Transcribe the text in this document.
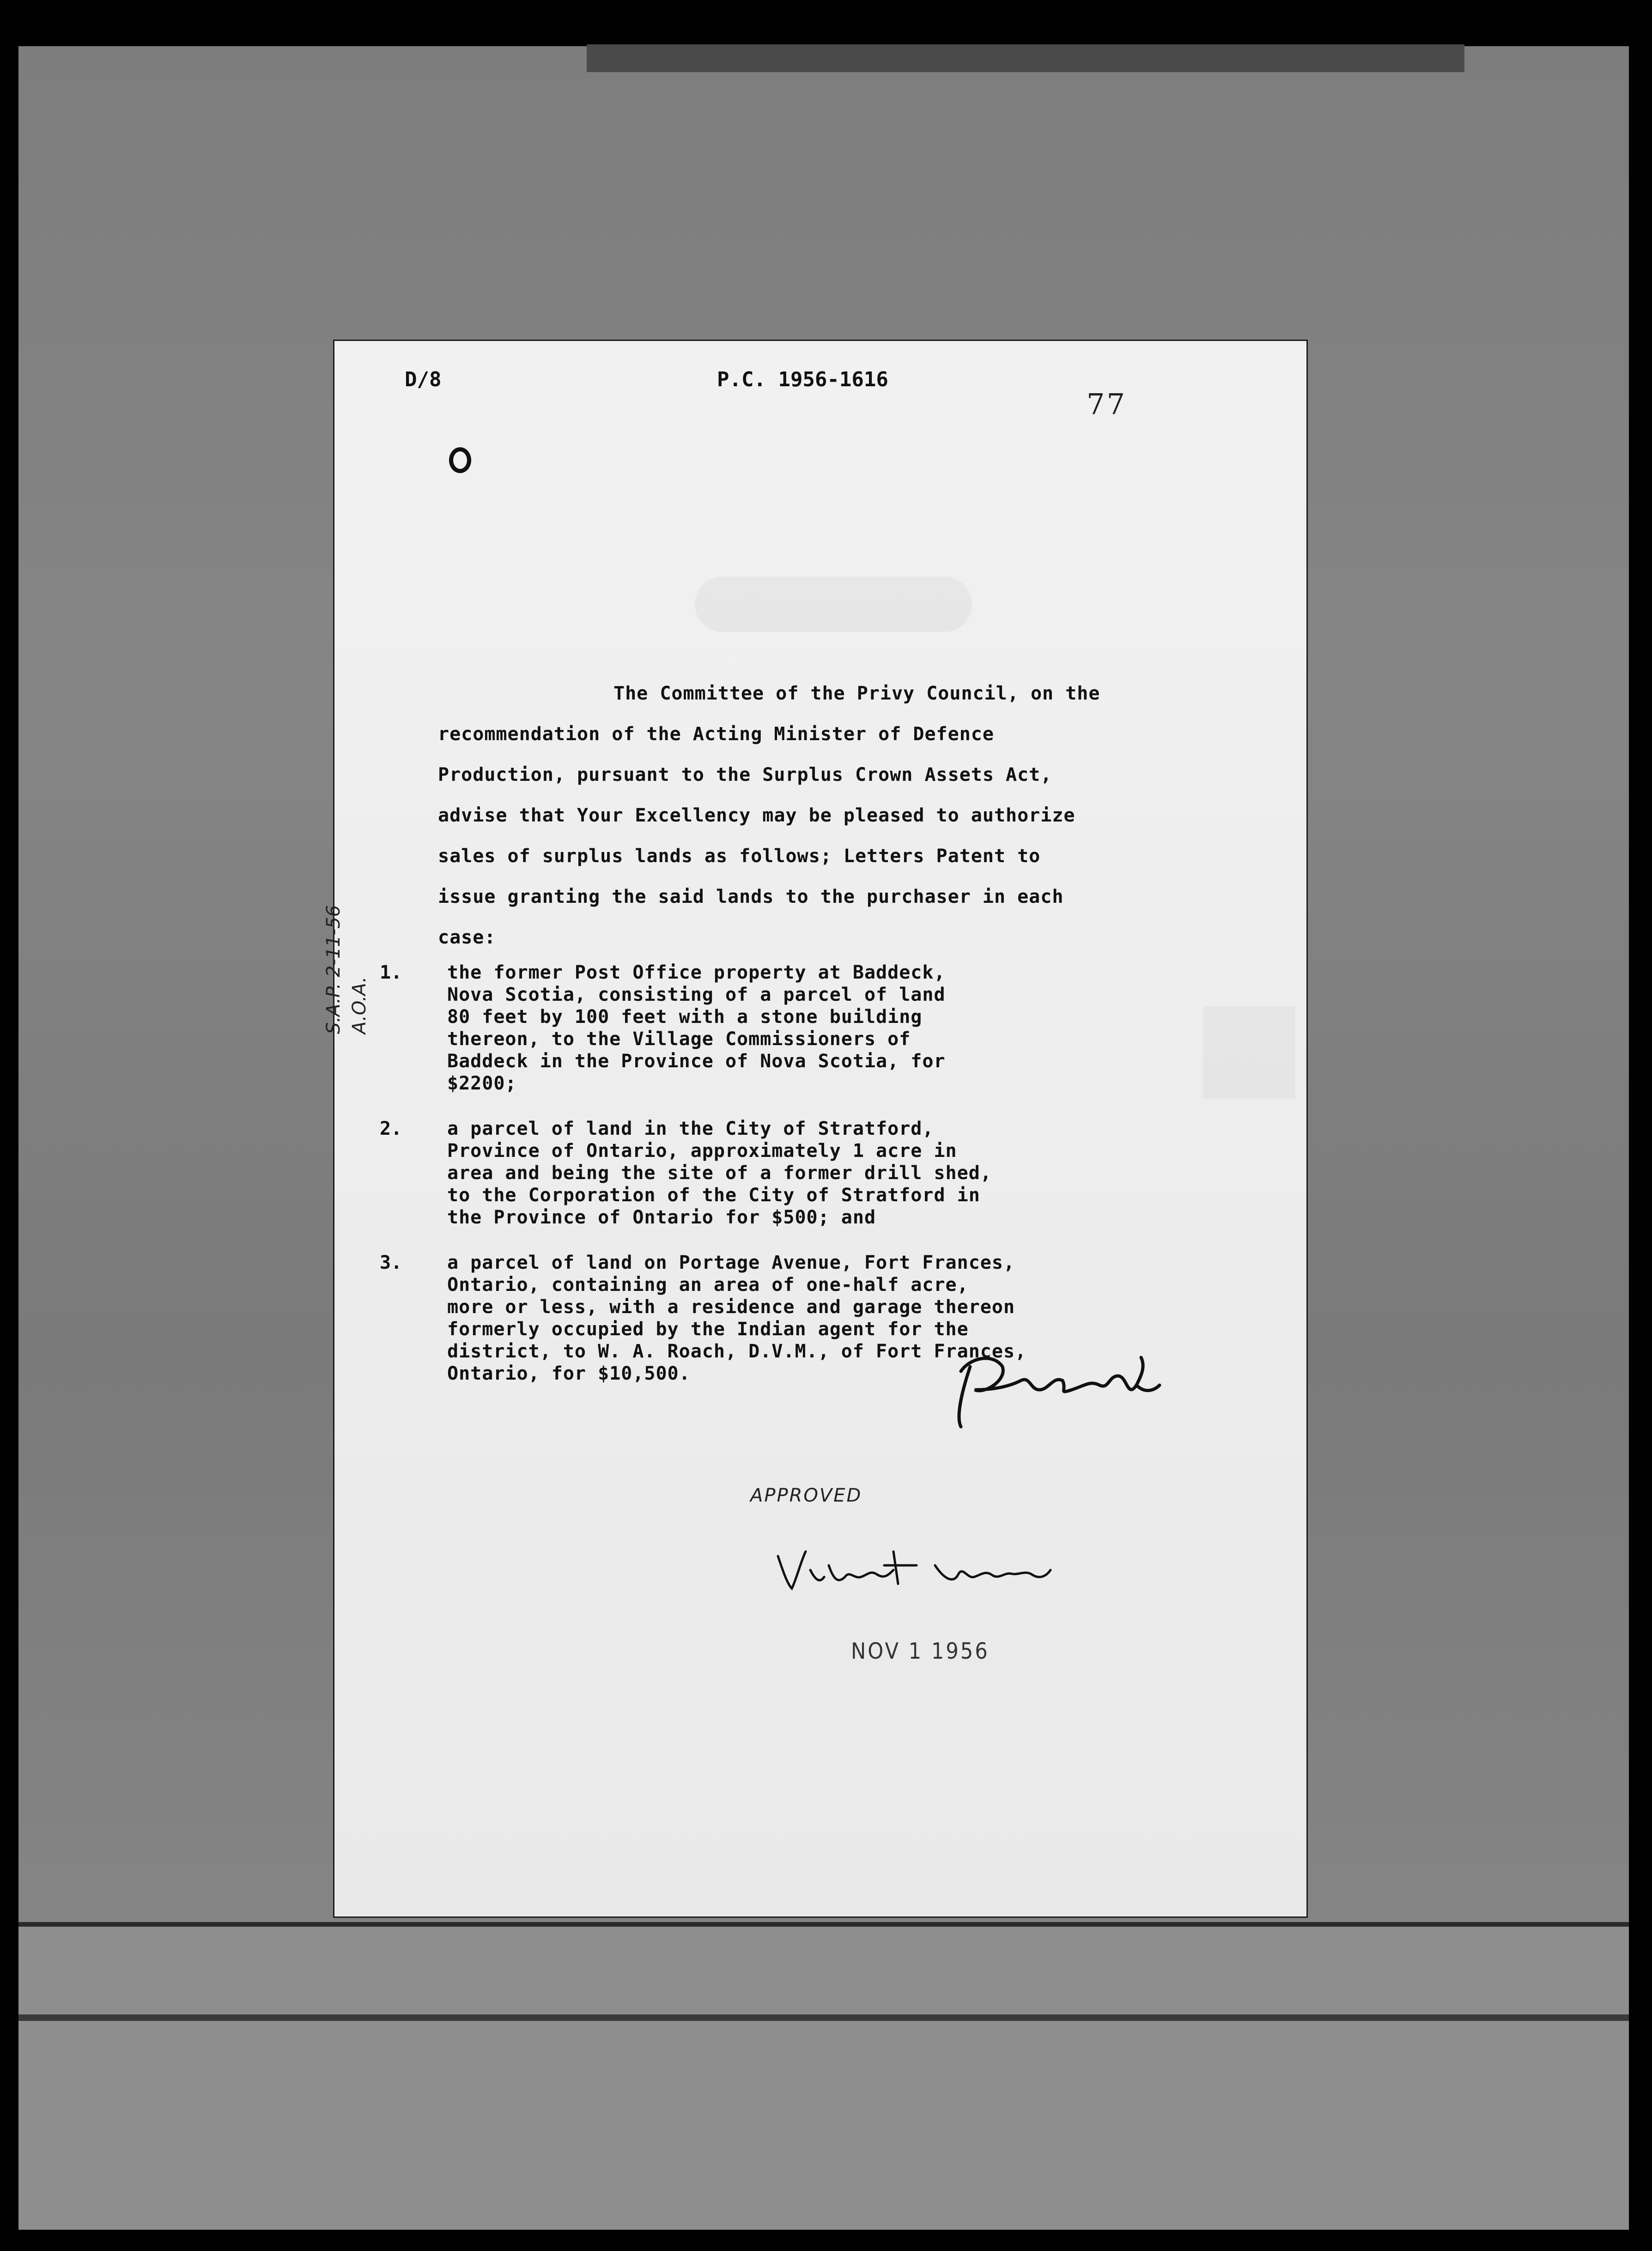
D/8	P.C. 1956-1616
77
The Committee of the Privy Council, on the
recommendation of the Acting Minister of Defence
Production, pursuant to the Surplus Crown Assets Act,
advise that Your Excellency may be pleased to authorize
sales of surplus lands as follows; Letters Patent to
issue granting the said lands to the purchaser in each
case:
1. the former Post Office property at Baddeck,
Nova Scotia, consisting of a parcel of land
80 feet by 100 feet with a stone building
thereon, to the Village Commissioners of
Baddeck in the Province of Nova Scotia, for
$2200;
2. a parcel of land in the City of Stratford,
Province of Ontario, approximately 1 acre in
area and being the site of a former drill shed,
to the Corporation of the City of Stratford in
the Province of Ontario for $500; and
3. a parcel of land on Portage Avenue, Fort Frances,
Ontario, containing an area of one-half acre,
more or less, with a residence and garage thereon
formerly occupied by the Indian agent for the
district, to W. A. Roach, D.V.M., of Fort Frances,
Ontario, for $10,500.
S.A.P. 2-11-56 A.O.A.
APPROVED
NOV 1 1956
